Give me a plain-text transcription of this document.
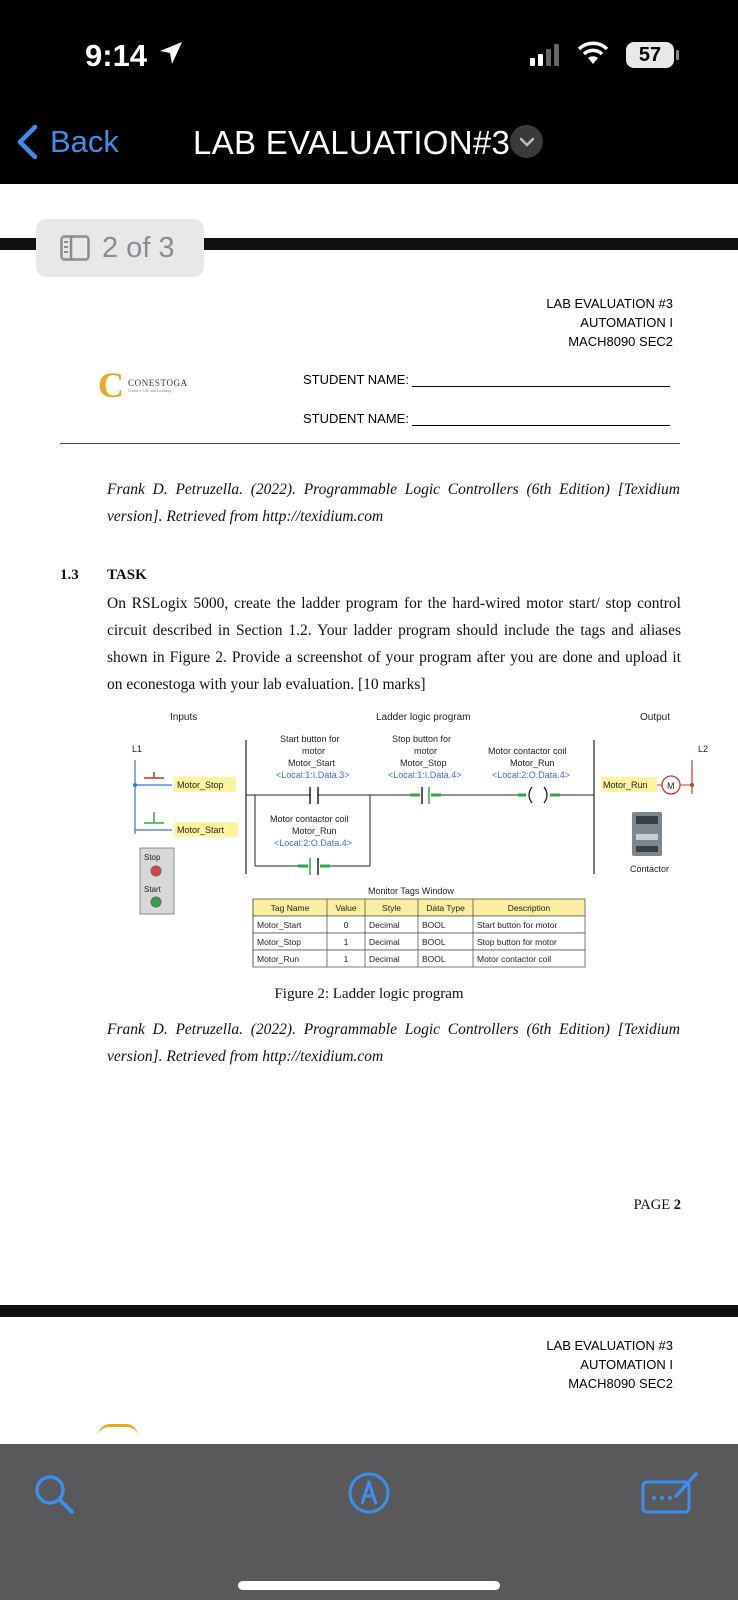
9:14	57
Back LAB EVALUATION#3
2 of 3
LAB EVALUATION #3
AUTOMATION I
MACH8090 SEC2
C CONESTOGA
Connect Life and Learning
STUDENT NAME:
STUDENT NAME:
Frank D. Petruzella. (2022). Programmable Logic Controllers (6th Edition) [Texidium version]. Retrieved from http://texidium.com
1.3 TASK
On RSLogix 5000, create the ladder program for the hard-wired motor start/ stop control circuit described in Section 1.2. Your ladder program should include the tags and aliases shown in Figure 2. Provide a screenshot of your program after you are done and upload it on econestoga with your lab evaluation. [10 marks]
Inputs	Ladder logic program	Output
L1	L2
Motor_Stop
Motor_Start
Stop
Start
Start button for
motor
Motor_Start
<Local:1:I.Data.3>
Stop button for
motor
Motor_Stop
<Local:1:I.Data.4>
Motor contactor coil
Motor_Run
<Local:2:O.Data.4>
Motor contactor coil
Motor_Run
<Local:2:O.Data.4>
Motor_Run M
Contactor
Monitor Tags Window
Tag Name	Value	Style	Data Type	Description
Motor_Start	0 Decimal	BOOL	Start button for motor
Motor_Stop	1 Decimal	BOOL	Stop button for motor
Motor_Run	1 Decimal	BOOL	Motor contactor coil
Figure 2: Ladder logic program
Frank D. Petruzella. (2022). Programmable Logic Controllers (6th Edition) [Texidium version]. Retrieved from http://texidium.com
PAGE 2
LAB EVALUATION #3
AUTOMATION I
MACH8090 SEC2
